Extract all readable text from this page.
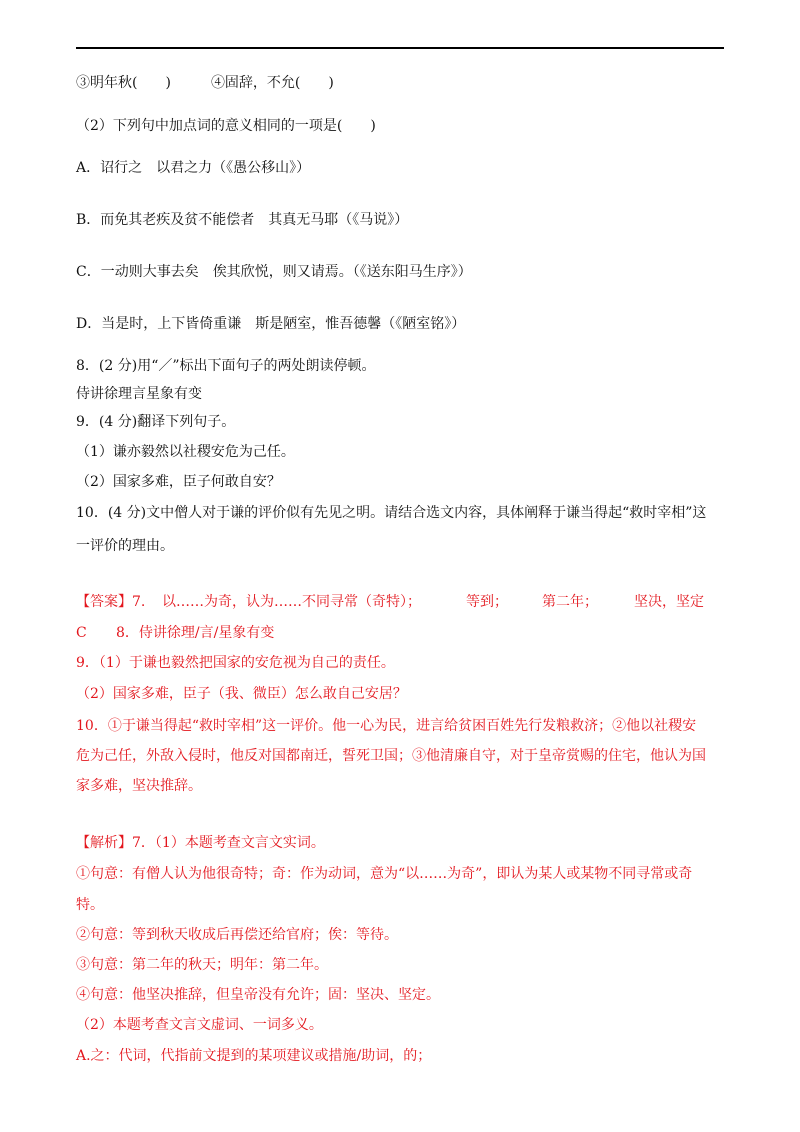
③明年秋(　　)	④固辞，不允(　　)
（2）下列句中加点词的意义相同的一项是(　　)
A．诏行之 以君之力（《愚公移山》）
B．而免其老疾及贫不能偿者 其真无马耶（《马说》）
C．一动则大事去矣 俟其欣悦，则又请焉。（《送东阳马生序》）
D．当是时，上下皆倚重谦 斯是陋室，惟吾德馨（《陋室铭》）
8．(2 分)用“／”标出下面句子的两处朗读停顿。
侍讲徐理言星象有变
9．(4 分)翻译下列句子。
（1）谦亦毅然以社稷安危为己任。
（2）国家多难，臣子何敢自安？
10．(4 分)文中僧人对于谦的评价似有先见之明。请结合选文内容，具体阐释于谦当得起“救时宰相”这
一评价的理由。
【答案】7. 以……为奇，认为……不同寻常（奇特）；	等到； 第二年；	坚决，坚定
C 8．侍讲徐理/言/星象有变
9．（1）于谦也毅然把国家的安危视为自己的责任。
（2）国家多难，臣子（我、微臣）怎么敢自己安居？
10．①于谦当得起“救时宰相”这一评价。他一心为民，进言给贫困百姓先行发粮救济；②他以社稷安
危为己任，外敌入侵时，他反对国都南迁，誓死卫国；③他清廉自守，对于皇帝赏赐的住宅，他认为国
家多难，坚决推辞。
【解析】7．（1）本题考查文言文实词。
①句意：有僧人认为他很奇特；奇：作为动词，意为“以……为奇”，即认为某人或某物不同寻常或奇
特。
②句意：等到秋天收成后再偿还给官府；俟：等待。
③句意：第二年的秋天；明年：第二年。
④句意：他坚决推辞，但皇帝没有允许；固：坚决、坚定。
（2）本题考查文言文虚词、一词多义。
A.之：代词，代指前文提到的某项建议或措施/助词，的；
